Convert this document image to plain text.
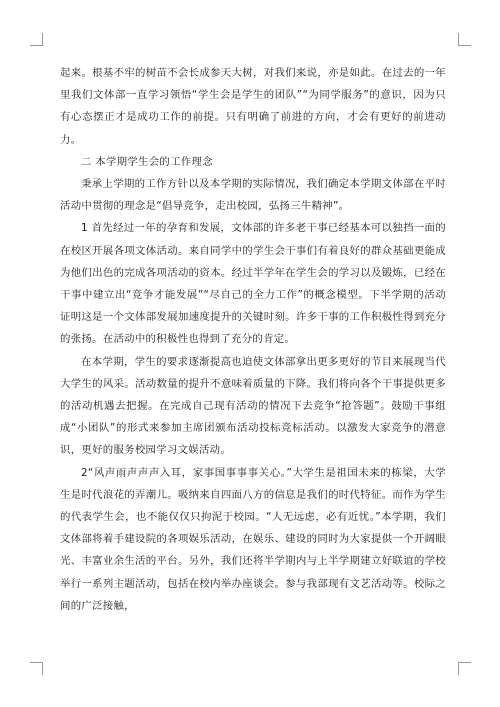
起来。根基不牢的树苗不会长成参天大树，对我们来说，亦是如此。在过去的一年里我们文体部一直学习领悟“学生会是学生的团队”“为同学服务”的意识，因为只有心态摆正才是成功工作的前提。只有明确了前进的方向，才会有更好的前进动力。

二 本学期学生会的工作理念

秉承上学期的工作方针以及本学期的实际情况，我们确定本学期文体部在平时活动中贯彻的理念是“倡导竞争，走出校园，弘扬三牛精神”。

1 首先经过一年的孕育和发展，文体部的许多老干事已经基本可以独挡一面的在校区开展各项文体活动。来自同学中的学生会干事们有着良好的群众基础更能成为他们出色的完成各项活动的资本。经过半学年在学生会的学习以及锻炼，已经在干事中建立出“竞争才能发展”“尽自己的全力工作”的概念模型。下半学期的活动证明这是一个文体部发展加速度提升的关键时刻。许多干事的工作积极性得到充分的张扬。在活动中的积极性也得到了充分的肯定。

在本学期，学生的要求逐渐提高也迫使文体部拿出更多更好的节目来展现当代大学生的风采。活动数量的提升不意味着质量的下降。我们将向各个干事提供更多的活动机遇去把握。在完成自己现有活动的情况下去竞争“抢答题”。鼓励干事组成“小团队”的形式来参加主席团颁布活动投标竞标活动。以激发大家竞争的潜意识，更好的服务校园学习文娱活动。

2“风声雨声声声入耳，家事国事事事关心。”大学生是祖国未来的栋梁，大学生是时代浪花的弄潮儿。吸纳来自四面八方的信息是我们的时代特征。而作为学生的代表学生会，也不能仅仅只拘泥于校园。“人无远虑，必有近忧。”本学期，我们文体部将着手建设院的各项娱乐活动，在娱乐、建设的同时为大家提供一个开阔眼光、丰富业余生活的平台。另外，我们还将半学期内与上半学期建立好联谊的学校举行一系列主题活动，包括在校内举办座谈会。参与我部现有文艺活动等。校际之间的广泛接触，
